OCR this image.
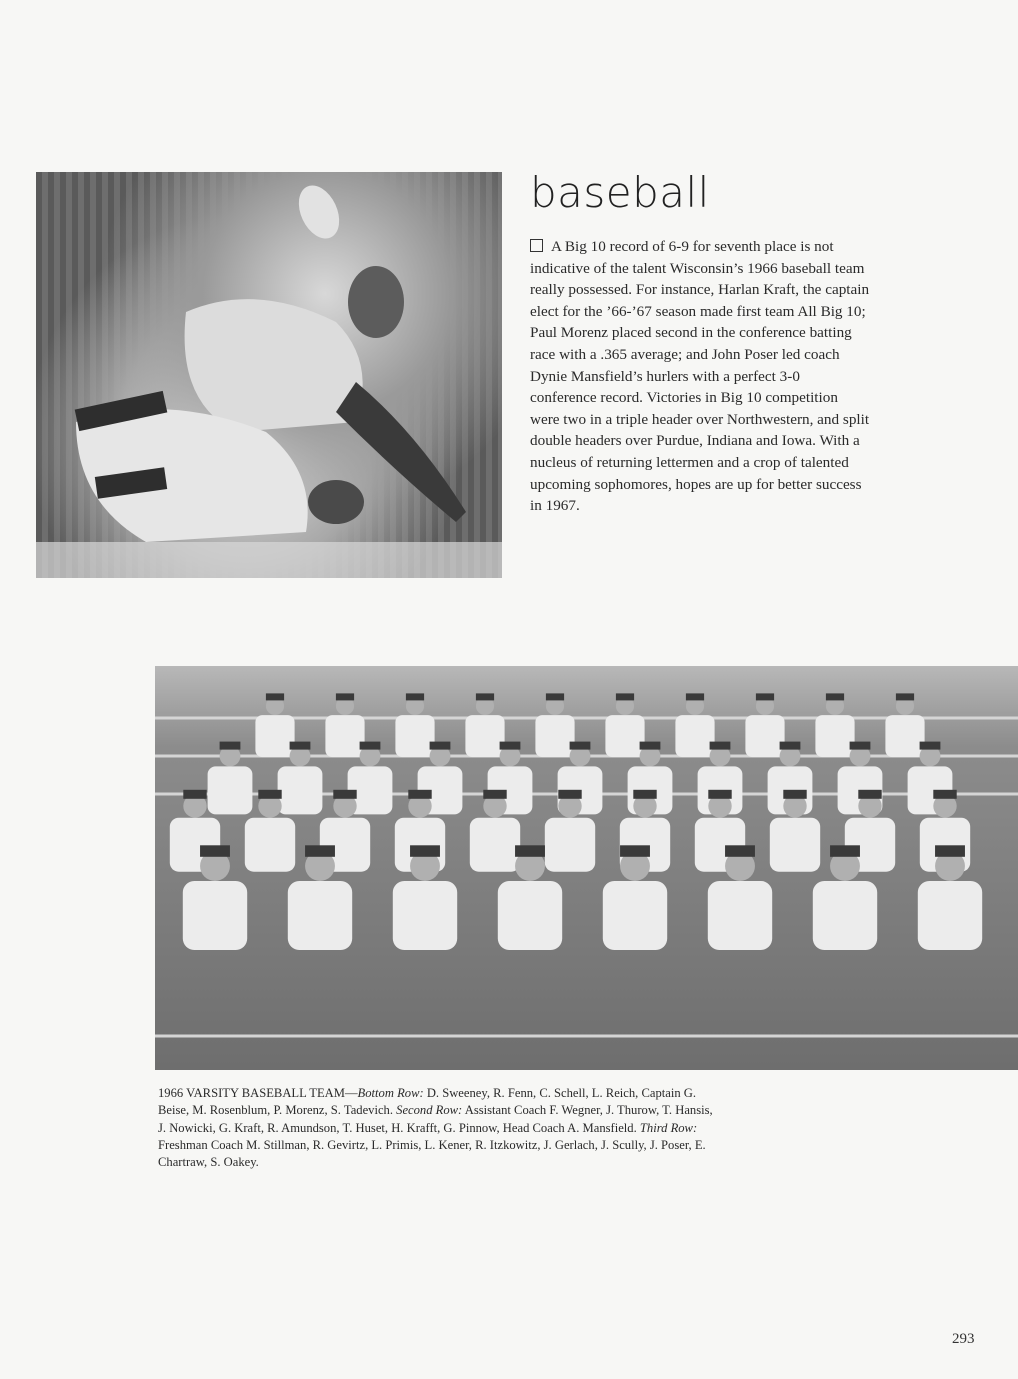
baseball
A Big 10 record of 6-9 for seventh place is not indicative of the talent Wisconsin’s 1966 baseball team really possessed. For instance, Harlan Kraft, the captain elect for the ’66-’67 season made first team All Big 10; Paul Morenz placed second in the conference batting race with a .365 average; and John Poser led coach Dynie Mansfield’s hurlers with a perfect 3-0 conference record. Victories in Big 10 competition were two in a triple header over Northwestern, and split double headers over Purdue, Indiana and Iowa. With a nucleus of returning lettermen and a crop of talented upcoming sophomores, hopes are up for better success in 1967.
1966 VARSITY BASEBALL TEAM—Bottom Row: D. Sweeney, R. Fenn, C. Schell, L. Reich, Captain G. Beise, M. Rosenblum, P. Morenz, S. Tadevich. Second Row: Assistant Coach F. Wegner, J. Thurow, T. Hansis, J. Nowicki, G. Kraft, R. Amundson, T. Huset, H. Krafft, G. Pinnow, Head Coach A. Mansfield. Third Row: Freshman Coach M. Stillman, R. Gevirtz, L. Primis, L. Kener, R. Itzkowitz, J. Gerlach, J. Scully, J. Poser, E. Chartraw, S. Oakey.
293
